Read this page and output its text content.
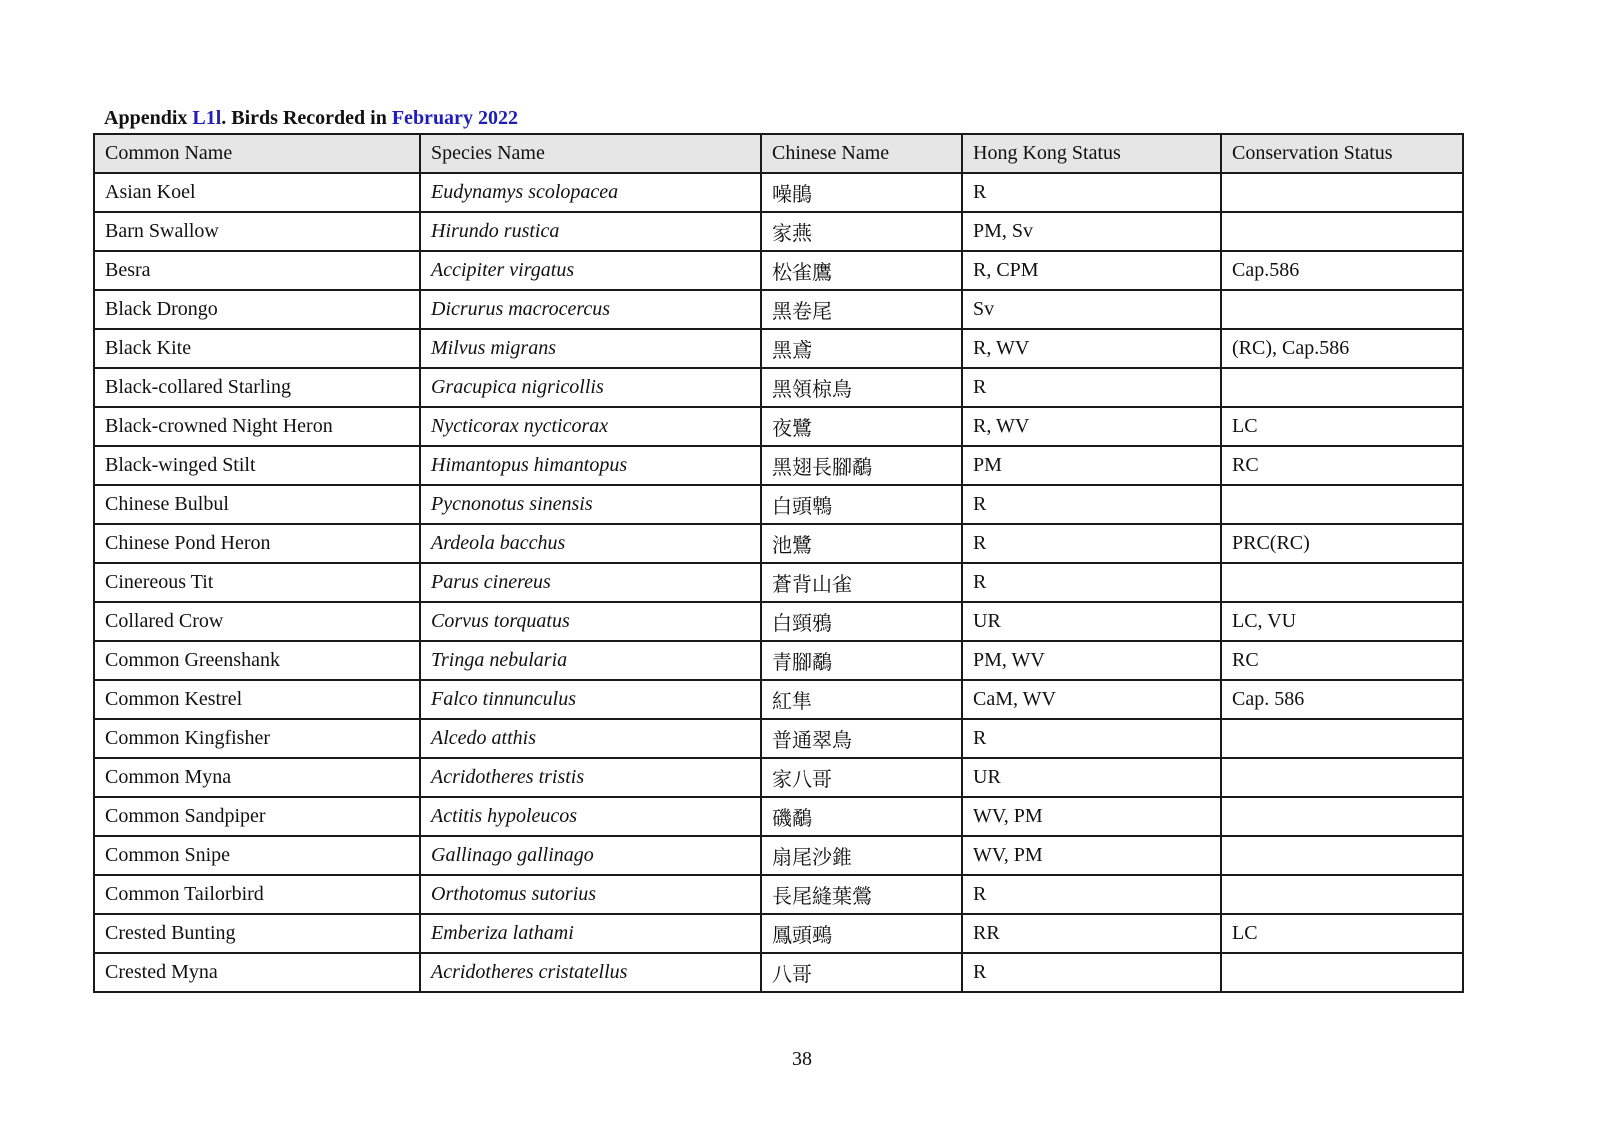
Appendix L1l. Birds Recorded in February 2022
Common Name	Species Name	Chinese Name	Hong Kong Status	Conservation Status
Asian Koel	Eudynamys scolopacea	噪鵑	R	
Barn Swallow	Hirundo rustica	家燕	PM, Sv	
Besra	Accipiter virgatus	松雀鷹	R, CPM	Cap.586
Black Drongo	Dicrurus macrocercus	黑卷尾	Sv	
Black Kite	Milvus migrans	黑鳶	R, WV	(RC), Cap.586
Black-collared Starling	Gracupica nigricollis	黑領椋鳥	R	
Black-crowned Night Heron	Nycticorax nycticorax	夜鷺	R, WV	LC
Black-winged Stilt	Himantopus himantopus	黑翅長腳鷸	PM	RC
Chinese Bulbul	Pycnonotus sinensis	白頭鵯	R	
Chinese Pond Heron	Ardeola bacchus	池鷺	R	PRC(RC)
Cinereous Tit	Parus cinereus	蒼背山雀	R	
Collared Crow	Corvus torquatus	白頸鴉	UR	LC, VU
Common Greenshank	Tringa nebularia	青腳鷸	PM, WV	RC
Common Kestrel	Falco tinnunculus	紅隼	CaM, WV	Cap. 586
Common Kingfisher	Alcedo atthis	普通翠鳥	R	
Common Myna	Acridotheres tristis	家八哥	UR	
Common Sandpiper	Actitis hypoleucos	磯鷸	WV, PM	
Common Snipe	Gallinago gallinago	扇尾沙錐	WV, PM	
Common Tailorbird	Orthotomus sutorius	長尾縫葉鶯	R	
Crested Bunting	Emberiza lathami	鳳頭鵐	RR	LC
Crested Myna	Acridotheres cristatellus	八哥	R	
38
